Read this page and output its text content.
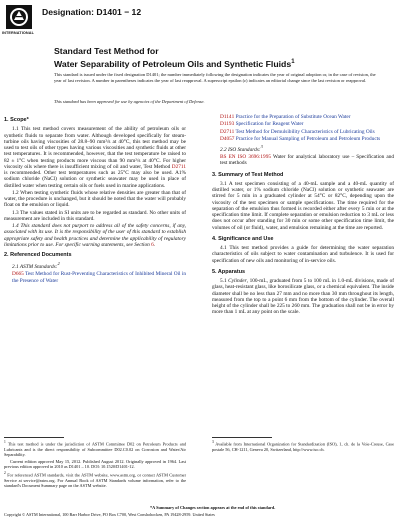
INTERNATIONAL
Designation: D1401 − 12
Standard Test Method for
Water Separability of Petroleum Oils and Synthetic Fluids$^1$
This standard is issued under the fixed designation D1401; the number immediately following the designation indicates the year of original adoption or, in the case of revision, the year of last revision. A number in parentheses indicates the year of last reapproval. A superscript epsilon (ε) indicates an editorial change since the last revision or reapproval.
This standard has been approved for use by agencies of the Department of Defense.

1. Scope*

1.1 This test method covers measurement of the ability of petroleum oils or synthetic fluids to separate from water. Although developed specifically for steam-turbine oils having viscosities of 28.8–90 mm²/s at 40°C, this test method may be used to test oils of other types having various viscosities and synthetic fluids at other test temperatures. It is recommended, however, that the test temperature be raised to 82 ± 1°C when testing products more viscous than 90 mm²/s at 40°C. For higher viscosity oils where there is insufficient mixing of oil and water, Test Method D2711 is recommended. Other test temperatures such as 25°C may also be used. A1% sodium chloride (NaCl) solution or synthetic seawater may be used in place of distilled water when testing certain oils or fuels used in marine applications.

1.2 When testing synthetic fluids whose relative densities are greater than that of water, the procedure is unchanged, but it should be noted that the water will probably float on the emulsion or liquid.

1.3 The values stated in SI units are to be regarded as standard. No other units of measurement are included in this standard.

1.4 This standard does not purport to address all of the safety concerns, if any, associated with its use. It is the responsibility of the user of this standard to establish appropriate safety and health practices and determine the applicability of regulatory limitations prior to use. For specific warning statements, see Section 6.

2. Referenced Documents

2.1 ASTM Standards:$^2$

D665 Test Method for Rust-Preventing Characteristics of Inhibited Mineral Oil in the Presence of Water
D1141 Practice for the Preparation of Substitute Ocean Water
D1193 Specification for Reagent Water
D2711 Test Method for Demulsibility Characteristics of Lubricating Oils
D4057 Practice for Manual Sampling of Petroleum and Petroleum Products

2.2 ISO Standards:$^3$

BS EN ISO 3696:1995 Water for analytical laboratory use – Specification and test methods

3. Summary of Test Method

3.1 A test specimen consisting of a 40-mL sample and a 40-mL quantity of distilled water, or 1% sodium chloride (NaCl) solution or synthetic seawater are stirred for 5 min in a graduated cylinder at 54°C or 82°C, depending upon the viscosity of the test specimen or sample specifications. The time required for the separation of the emulsion thus formed is recorded either after every 5 min or at the specification time limit. If complete separation or emulsion reduction to 3 mL or less does not occur after standing for 30 min or some other specification time limit, the volumes of oil (or fluid), water, and emulsion remaining at the time are reported.

4. Significance and Use

4.1 This test method provides a guide for determining the water separation characteristics of oils subject to water contamination and turbulence. It is used for specification of new oils and monitoring of in-service oils.

5. Apparatus

5.1 Cylinder, 100-mL, graduated from 5 to 100 mL in 1.0-mL divisions, made of glass, heat-resistant glass, like borosilicate glass, or a chemical equivalent. The inside diameter shall be no less than 27 mm and no more than 30 mm throughout its length, measured from the top to a point 6 mm from the bottom of the cylinder. The overall height of the cylinder shall be 225 to 260 mm. The graduation shall not be in error by more than 1 mL at any point on the scale.

$^1$ This test method is under the jurisdiction of ASTM Committee D02 on Petroleum Products and Lubricants and is the direct responsibility of Subcommittee D02.C0.02 on Corrosion and Water/Air Separability.

Current edition approved May 15, 2012. Published August 2012. Originally approved in 1964. Last previous edition approved in 2010 as D1401 – 10. DOI: 10.1520/D1401-12.

$^2$ For referenced ASTM standards, visit the ASTM website, www.astm.org, or contact ASTM Customer Service at service@astm.org. For Annual Book of ASTM Standards volume information, refer to the standard's Document Summary page on the ASTM website.

$^3$ Available from International Organization for Standardization (ISO), 1, ch. de la Voie-Creuse, Case postale 56, CH-1211, Geneva 20, Switzerland, http://www.iso.ch.

*A Summary of Changes section appears at the end of this standard.
Copyright © ASTM International, 100 Barr Harbor Drive, PO Box C700, West Conshohocken, PA 19428-2959. United States
